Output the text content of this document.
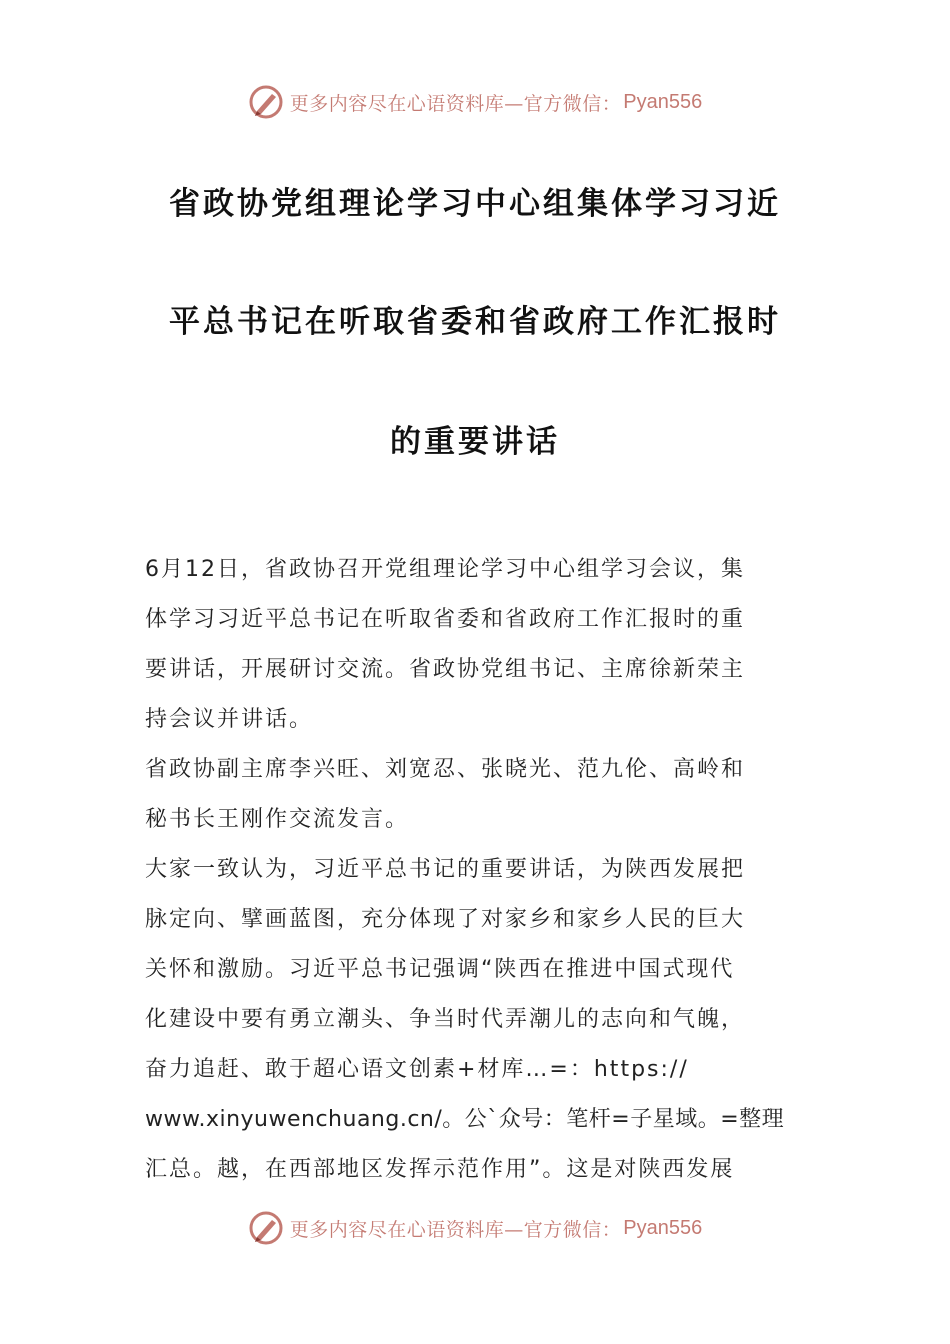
更多内容尽在心语资料库—官方微信： Pyan556
省政协党组理论学习中心组集体学习习近
平总书记在听取省委和省政府工作汇报时
的重要讲话
6月12日，省政协召开党组理论学习中心组学习会议，集
体学习习近平总书记在听取省委和省政府工作汇报时的重
要讲话，开展研讨交流。省政协党组书记、主席徐新荣主
持会议并讲话。
省政协副主席李兴旺、刘宽忍、张晓光、范九伦、高岭和
秘书长王刚作交流发言。
大家一致认为，习近平总书记的重要讲话，为陕西发展把
脉定向、擘画蓝图，充分体现了对家乡和家乡人民的巨大
关怀和激励。习近平总书记强调“陕西在推进中国式现代
化建设中要有勇立潮头、争当时代弄潮儿的志向和气魄，
奋力追赶、敢于超心语文创素+材库…=：https://
www.xinyuwenchuang.cn/。公`众号：笔杆=子星域。=整理
汇总。越，在西部地区发挥示范作用”。这是对陕西发展
更多内容尽在心语资料库—官方微信： Pyan556
